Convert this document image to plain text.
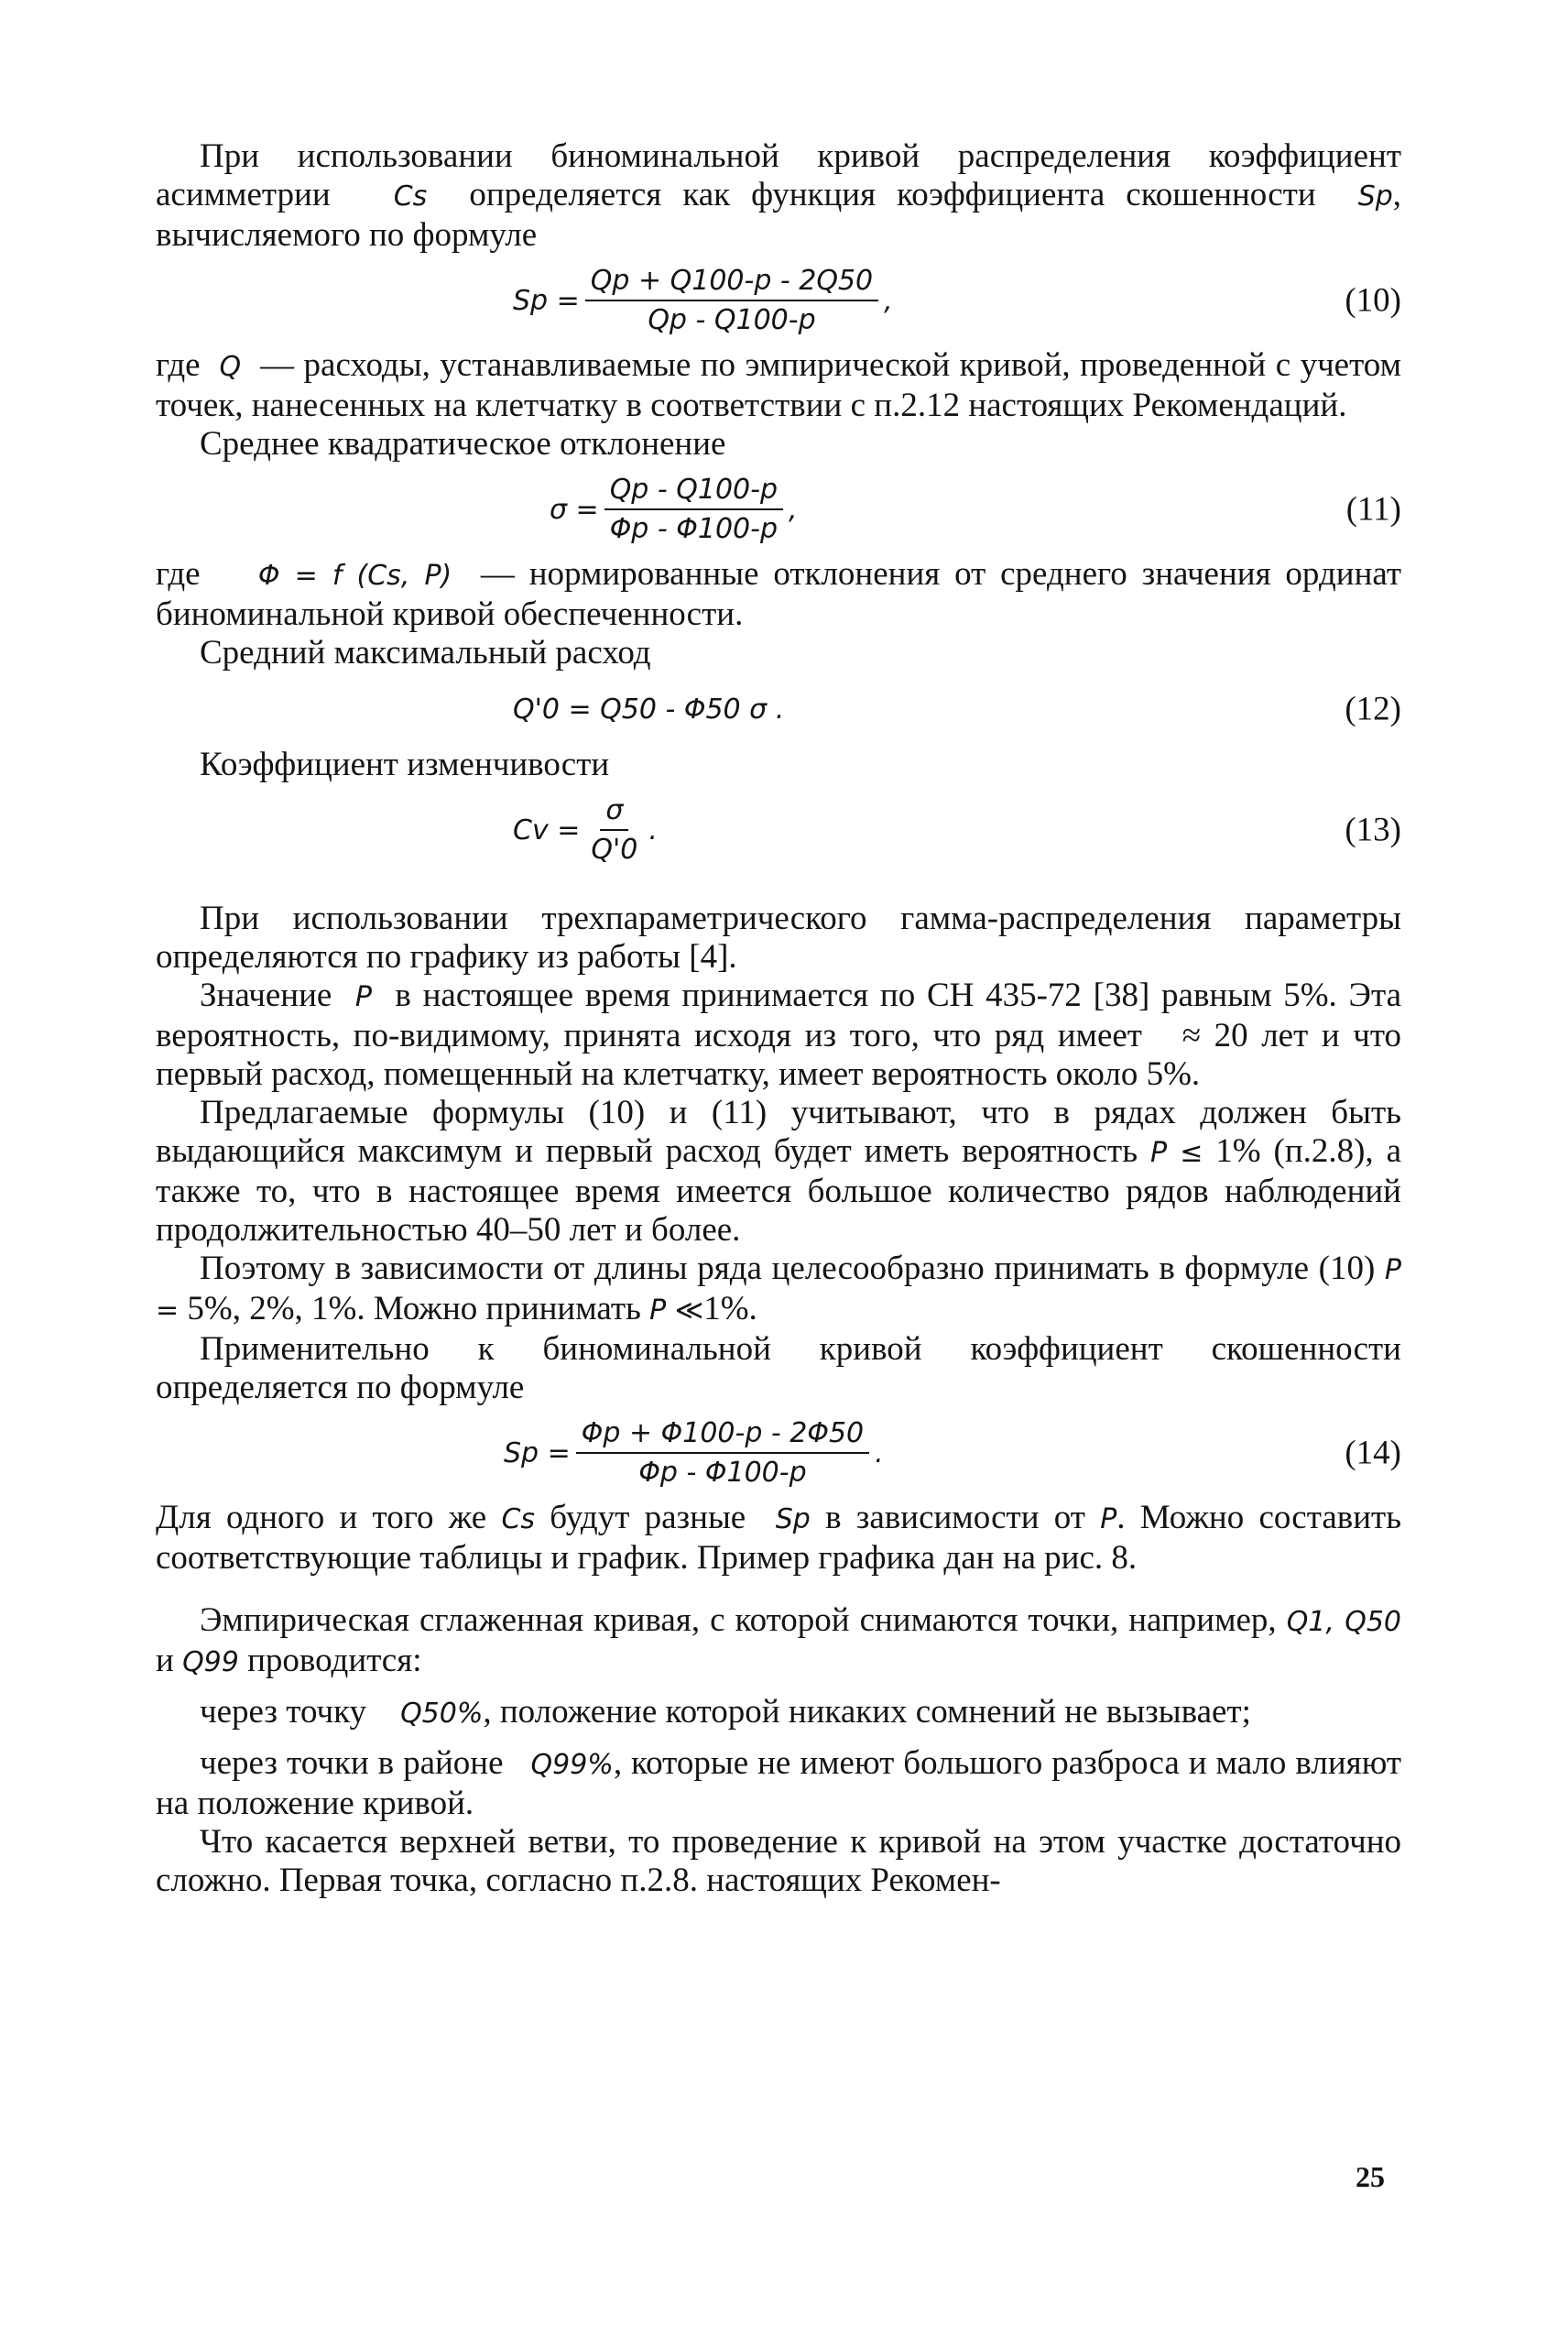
При использовании биноминальной кривой распределения коэффициент асимметрии Cs определяется как функция коэффициента скошенности Sp, вычисляемого по формуле

$Sp = \frac{Qp + Q100-p - 2Q50}{Qp - Q100-p}$ ,	(10)

где Q — расходы, устанавливаемые по эмпирической кривой, проведенной с учетом точек, нанесенных на клетчатку в соответствии с п.2.12 настоящих Рекомендаций.

Среднее квадратическое отклонение

$\sigma = \frac{Qp - Q100-p}{\Phi p - \Phi 100-p}$ ,	(11)

где Φ = f (Cs, P) — нормированные отклонения от среднего значения ординат биноминальной кривой обеспеченности.

Средний максимальный расход

Q'0 = Q50 - Φ50 σ .	(12)

Коэффициент изменчивости

$Cv = \frac{\sigma}{Q'0}$ .	(13)

При использовании трехпараметрического гамма-распределения параметры определяются по графику из работы [4].

Значение P в настоящее время принимается по СН 435-72 [38] равным 5%. Эта вероятность, по-видимому, принята исходя из того, что ряд имеет ≈ 20 лет и что первый расход, помещенный на клетчатку, имеет вероятность около 5%.

Предлагаемые формулы (10) и (11) учитывают, что в рядах должен быть выдающийся максимум и первый расход будет иметь вероятность P ≤ 1% (п.2.8), а также то, что в настоящее время имеется большое количество рядов наблюдений продолжительностью 40–50 лет и более.

Поэтому в зависимости от длины ряда целесообразно принимать в формуле (10) P = 5%, 2%, 1%. Можно принимать P ≪1%.

Применительно к биноминальной кривой коэффициент скошенности определяется по формуле

$Sp = \frac{\Phi p + \Phi 100-p - 2\Phi 50}{\Phi p - \Phi 100-p}$ .	(14)

Для одного и того же Cs будут разные Sp в зависимости от P. Можно составить соответствующие таблицы и график. Пример графика дан на рис. 8.

Эмпирическая сглаженная кривая, с которой снимаются точки, например, Q1, Q50 и Q99 проводится:

через точку Q50%, положение которой никаких сомнений не вызывает;

через точки в районе Q99%, которые не имеют большого разброса и мало влияют на положение кривой.

Что касается верхней ветви, то проведение к кривой на этом участке достаточно сложно. Первая точка, согласно п.2.8. настоящих Рекомен-

25
